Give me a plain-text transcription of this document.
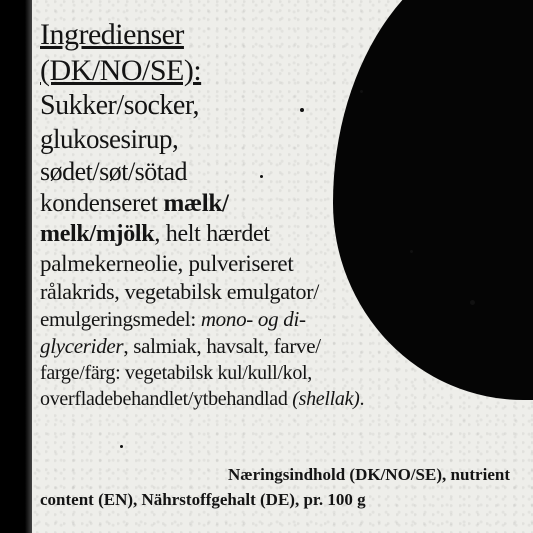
Ingredienser
(DK/NO/SE):
Sukker/socker,
glukosesirup,
sødet/søt/sötad
kondenseret mælk/
melk/mjölk, helt hærdet
palmekerneolie, pulveriseret
rålakrids, vegetabilsk emulgator/
emulgeringsmedel: mono- og di-
glycerider, salmiak, havsalt, farve/
farge/färg: vegetabilsk kul/kull/kol,
overfladebehandlet/ytbehandlad (shellak).
Næringsindhold (DK/NO/SE), nutrient
content (EN), Nährstoffgehalt (DE), pr. 100 g
